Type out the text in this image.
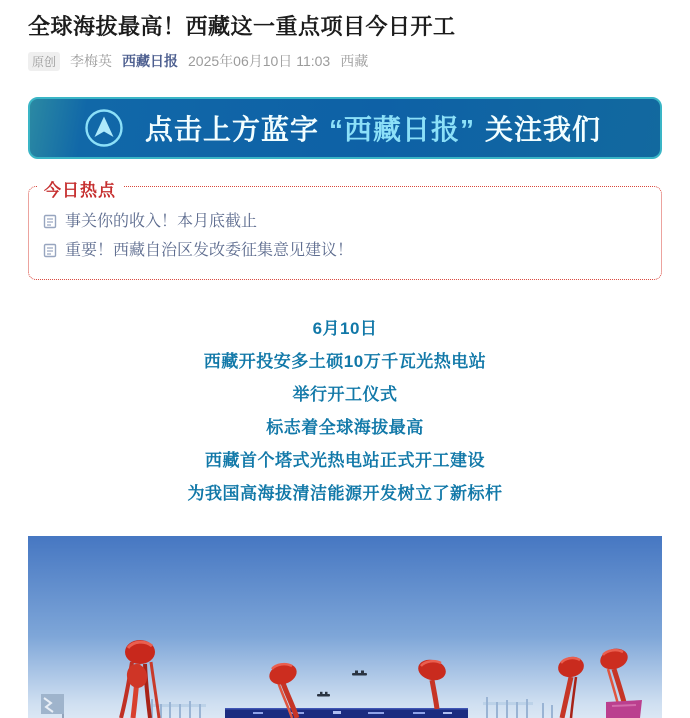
全球海拔最高！西藏这一重点项目今日开工
原创 李梅英 西藏日报 2025年06月10日 11:03 西藏
点击上方蓝字 “西藏日报” 关注我们
今日热点
事关你的收入！本月底截止
重要！西藏自治区发改委征集意见建议！

6月10日

西藏开投安多土硕10万千瓦光热电站

举行开工仪式

标志着全球海拔最高

西藏首个塔式光热电站正式开工建设

为我国高海拔清洁能源开发树立了新标杆
